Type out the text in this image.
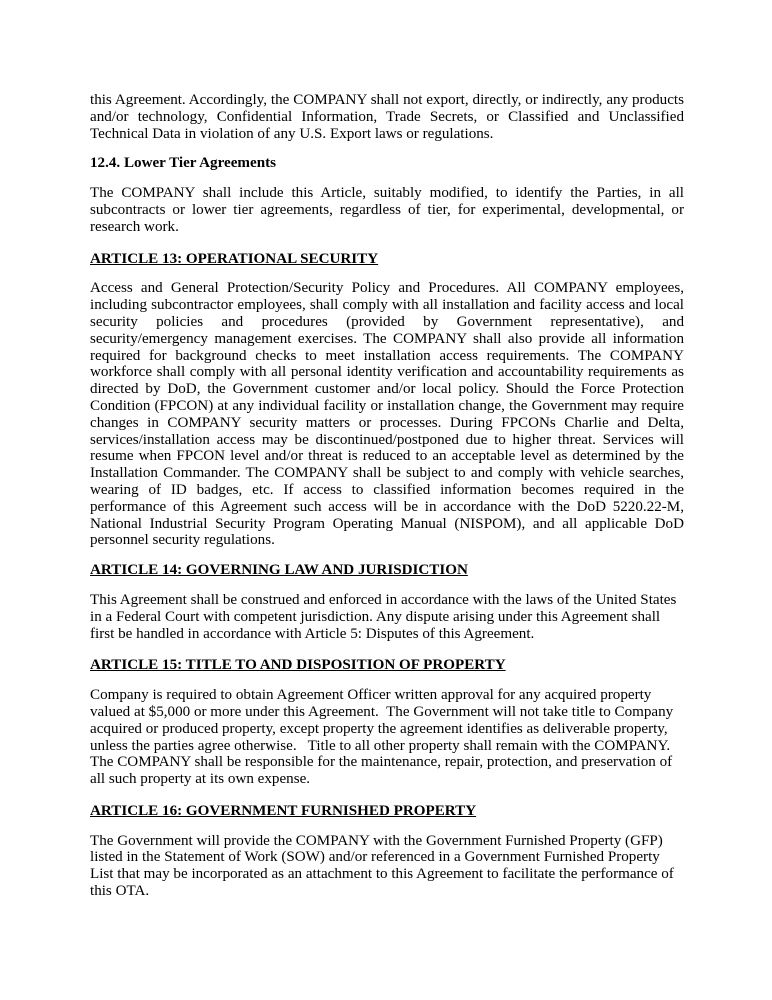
this Agreement. Accordingly, the COMPANY shall not export, directly, or indirectly, any products and/or technology, Confidential Information, Trade Secrets, or Classified and Unclassified Technical Data in violation of any U.S. Export laws or regulations.

12.4. Lower Tier Agreements

The COMPANY shall include this Article, suitably modified, to identify the Parties, in all subcontracts or lower tier agreements, regardless of tier, for experimental, developmental, or research work.

ARTICLE 13: OPERATIONAL SECURITY

Access and General Protection/Security Policy and Procedures. All COMPANY employees, including subcontractor employees, shall comply with all installation and facility access and local security policies and procedures (provided by Government representative), and security/emergency management exercises. The COMPANY shall also provide all information required for background checks to meet installation access requirements. The COMPANY workforce shall comply with all personal identity verification and accountability requirements as directed by DoD, the Government customer and/or local policy. Should the Force Protection Condition (FPCON) at any individual facility or installation change, the Government may require changes in COMPANY security matters or processes. During FPCONs Charlie and Delta, services/installation access may be discontinued/postponed due to higher threat. Services will resume when FPCON level and/or threat is reduced to an acceptable level as determined by the Installation Commander. The COMPANY shall be subject to and comply with vehicle searches, wearing of ID badges, etc. If access to classified information becomes required in the performance of this Agreement such access will be in accordance with the DoD 5220.22-M, National Industrial Security Program Operating Manual (NISPOM), and all applicable DoD personnel security regulations.

ARTICLE 14: GOVERNING LAW AND JURISDICTION

This Agreement shall be construed and enforced in accordance with the laws of the United States in a Federal Court with competent jurisdiction. Any dispute arising under this Agreement shall first be handled in accordance with Article 5: Disputes of this Agreement.

ARTICLE 15: TITLE TO AND DISPOSITION OF PROPERTY

Company is required to obtain Agreement Officer written approval for any acquired property valued at $5,000 or more under this Agreement.  The Government will not take title to Company acquired or produced property, except property the agreement identifies as deliverable property, unless the parties agree otherwise.   Title to all other property shall remain with the COMPANY.  The COMPANY shall be responsible for the maintenance, repair, protection, and preservation of all such property at its own expense.

ARTICLE 16: GOVERNMENT FURNISHED PROPERTY

The Government will provide the COMPANY with the Government Furnished Property (GFP) listed in the Statement of Work (SOW) and/or referenced in a Government Furnished Property List that may be incorporated as an attachment to this Agreement to facilitate the performance of this OTA.
